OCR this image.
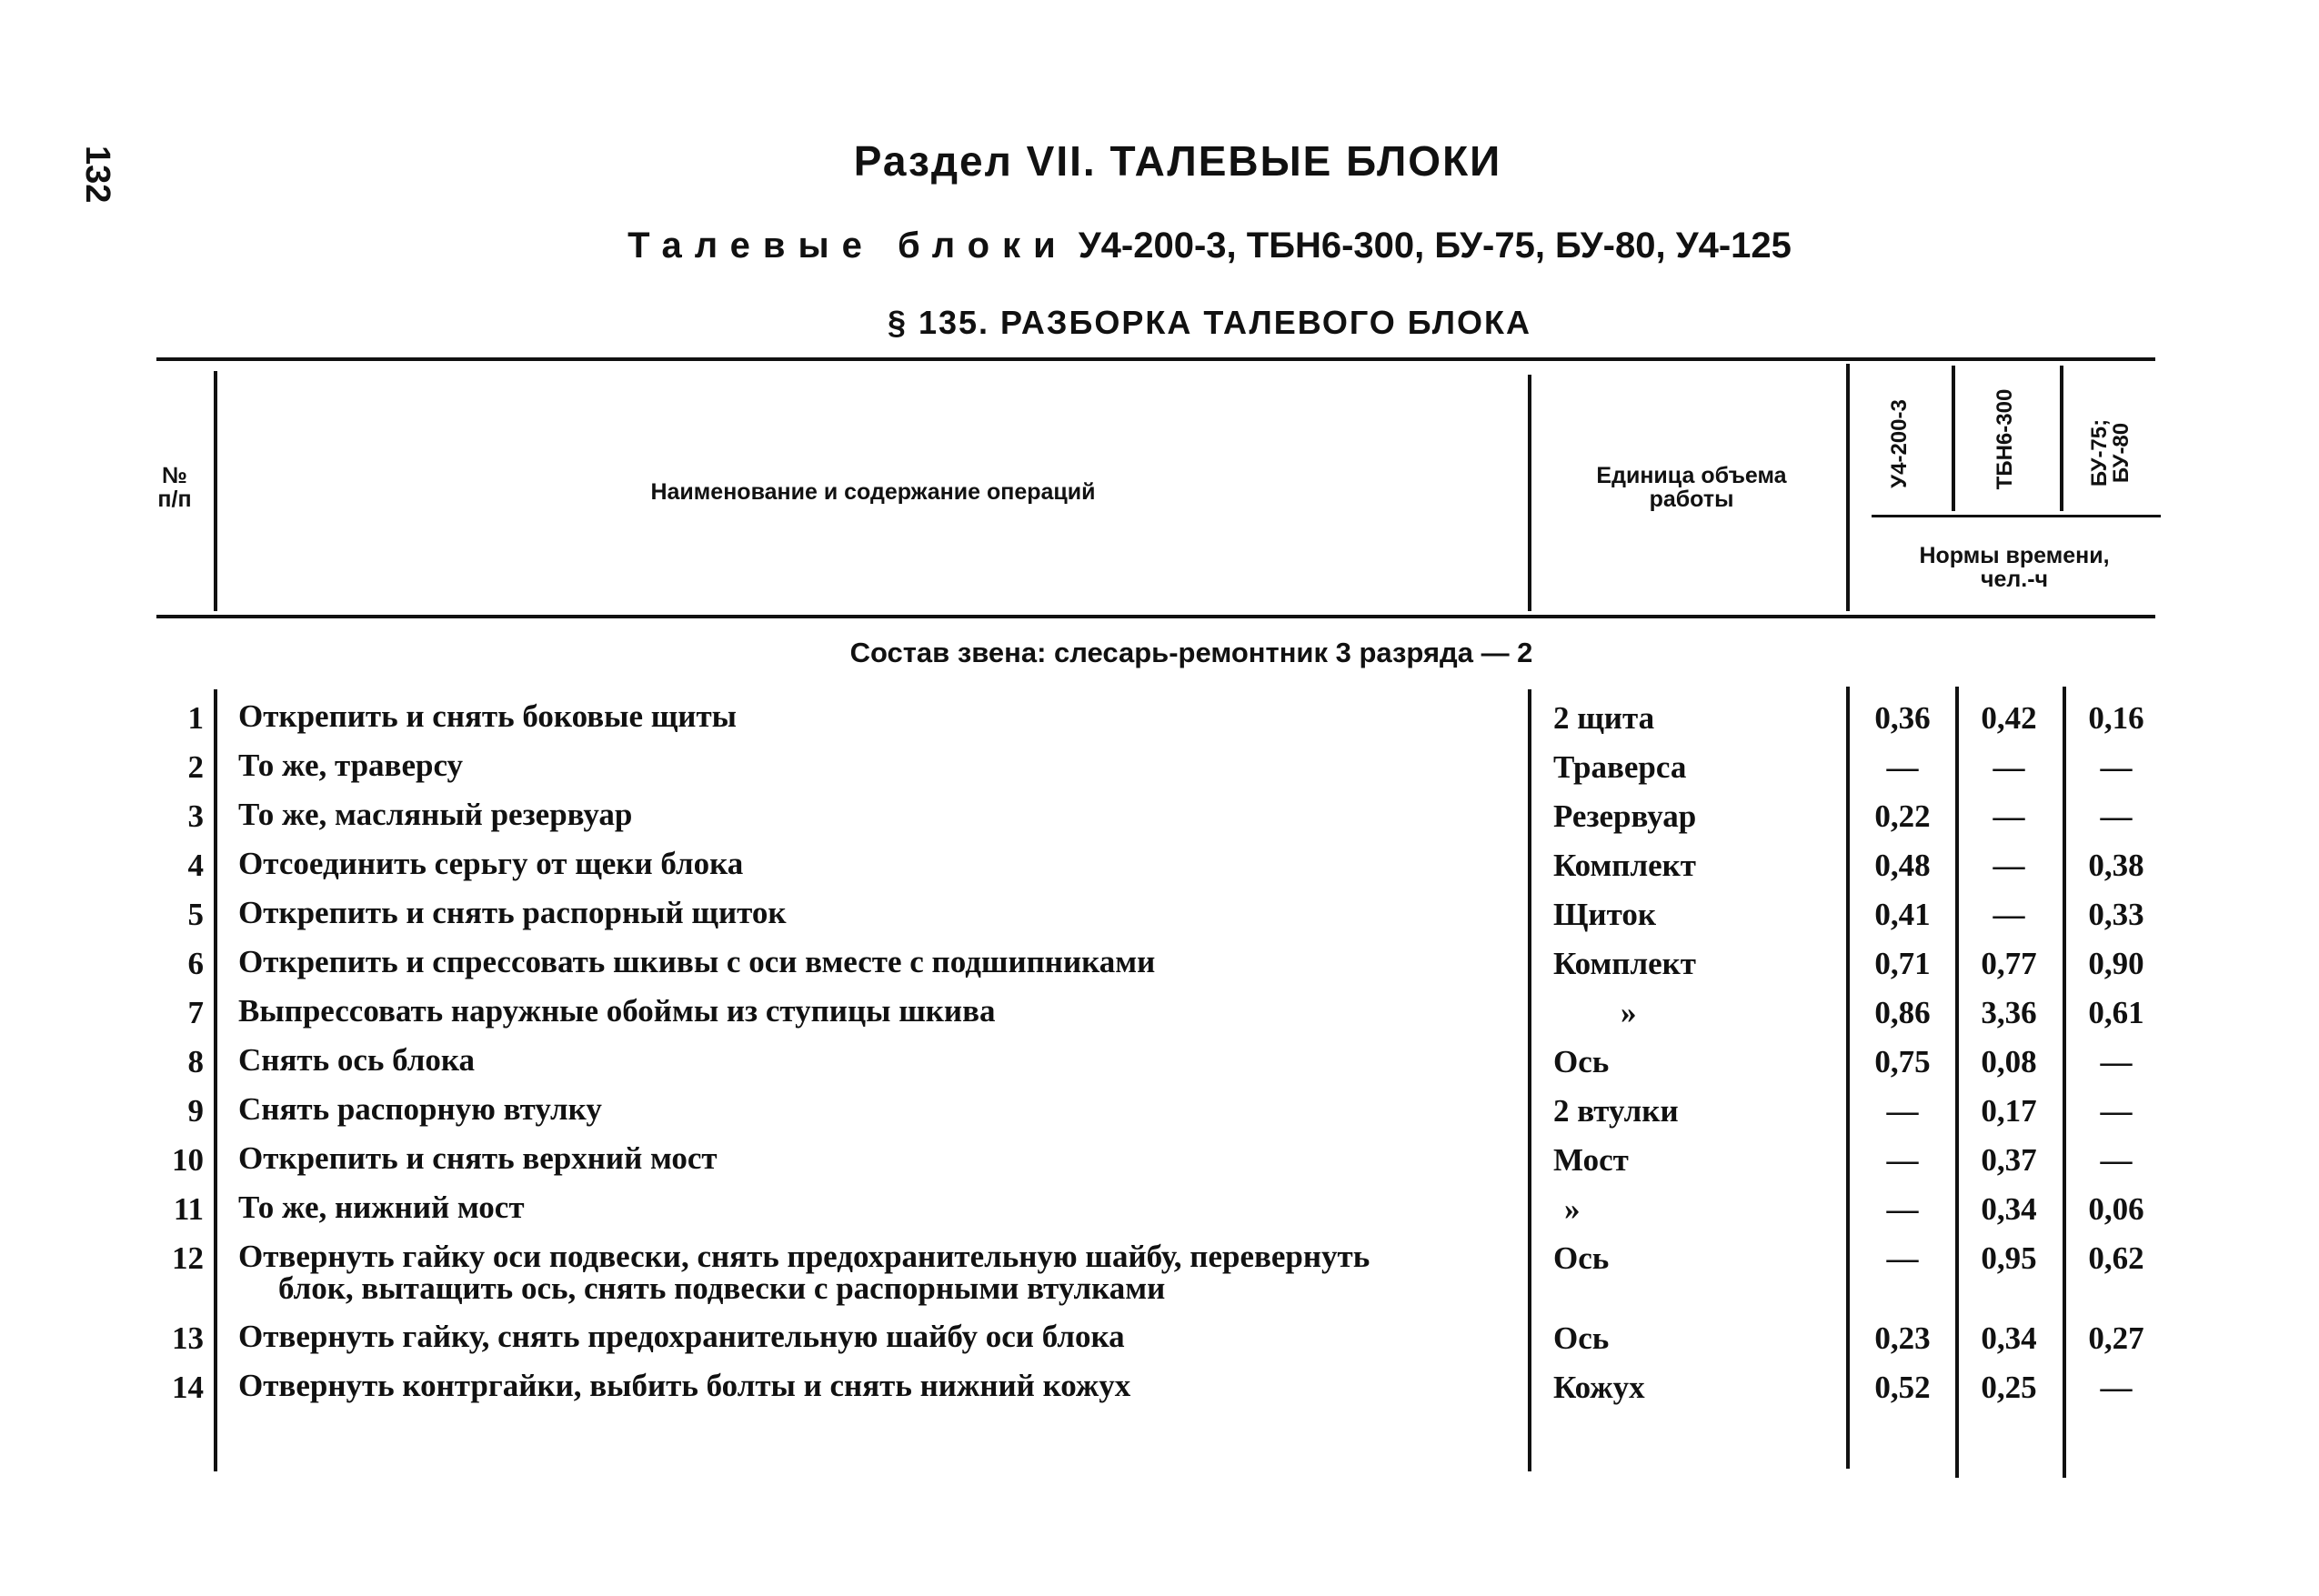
132	Раздел VII. ТАЛЕВЫЕ БЛОКИ
Талевые блоки У4-200-3, ТБН6-300, БУ-75, БУ-80, У4-125
§ 135. РАЗБОРКА ТАЛЕВОГО БЛОКА
№
п/п	Наименование и содержание операций
Единица объема
работы
У4-200-3	ТБН6-300	БУ-75;
БУ-80
Нормы времени,
чел.-ч
Состав звена: слесарь-ремонтник 3 разряда — 2
1 Открепить и снять боковые щиты	2 щита	0,36	0,42	0,16
2 То же, траверсу	Траверса	—	—	—
3 То же, масляный резервуар	Резервуар	0,22	—	—
4 Отсоединить серьгу от щеки блока	Комплект	0,48	—	0,38
5 Открепить и снять распорный щиток	Щиток	0,41	—	0,33
6 Открепить и спрессовать шкивы с оси вместе с подшипниками	Комплект	0,71	0,77	0,90
7 Выпрессовать наружные обоймы из ступицы шкива	»	0,86	3,36	0,61
8 Снять ось блока	Ось	0,75	0,08	—
9 Снять распорную втулку	2 втулки	—	0,17	—
10 Открепить и снять верхний мост	Мост	—	0,37	—
11 То же, нижний мост	»	—	0,34	0,06
12 Отвернуть гайку оси подвески, снять предохранительную шайбу, перевернуть
блок, вытащить ось, снять подвески с распорными втулками
Ось	—	0,95	0,62
13 Отвернуть гайку, снять предохранительную шайбу оси блока	Ось	0,23	0,34	0,27
14 Отвернуть контргайки, выбить болты и снять нижний кожух	Кожух	0,52	0,25	—
